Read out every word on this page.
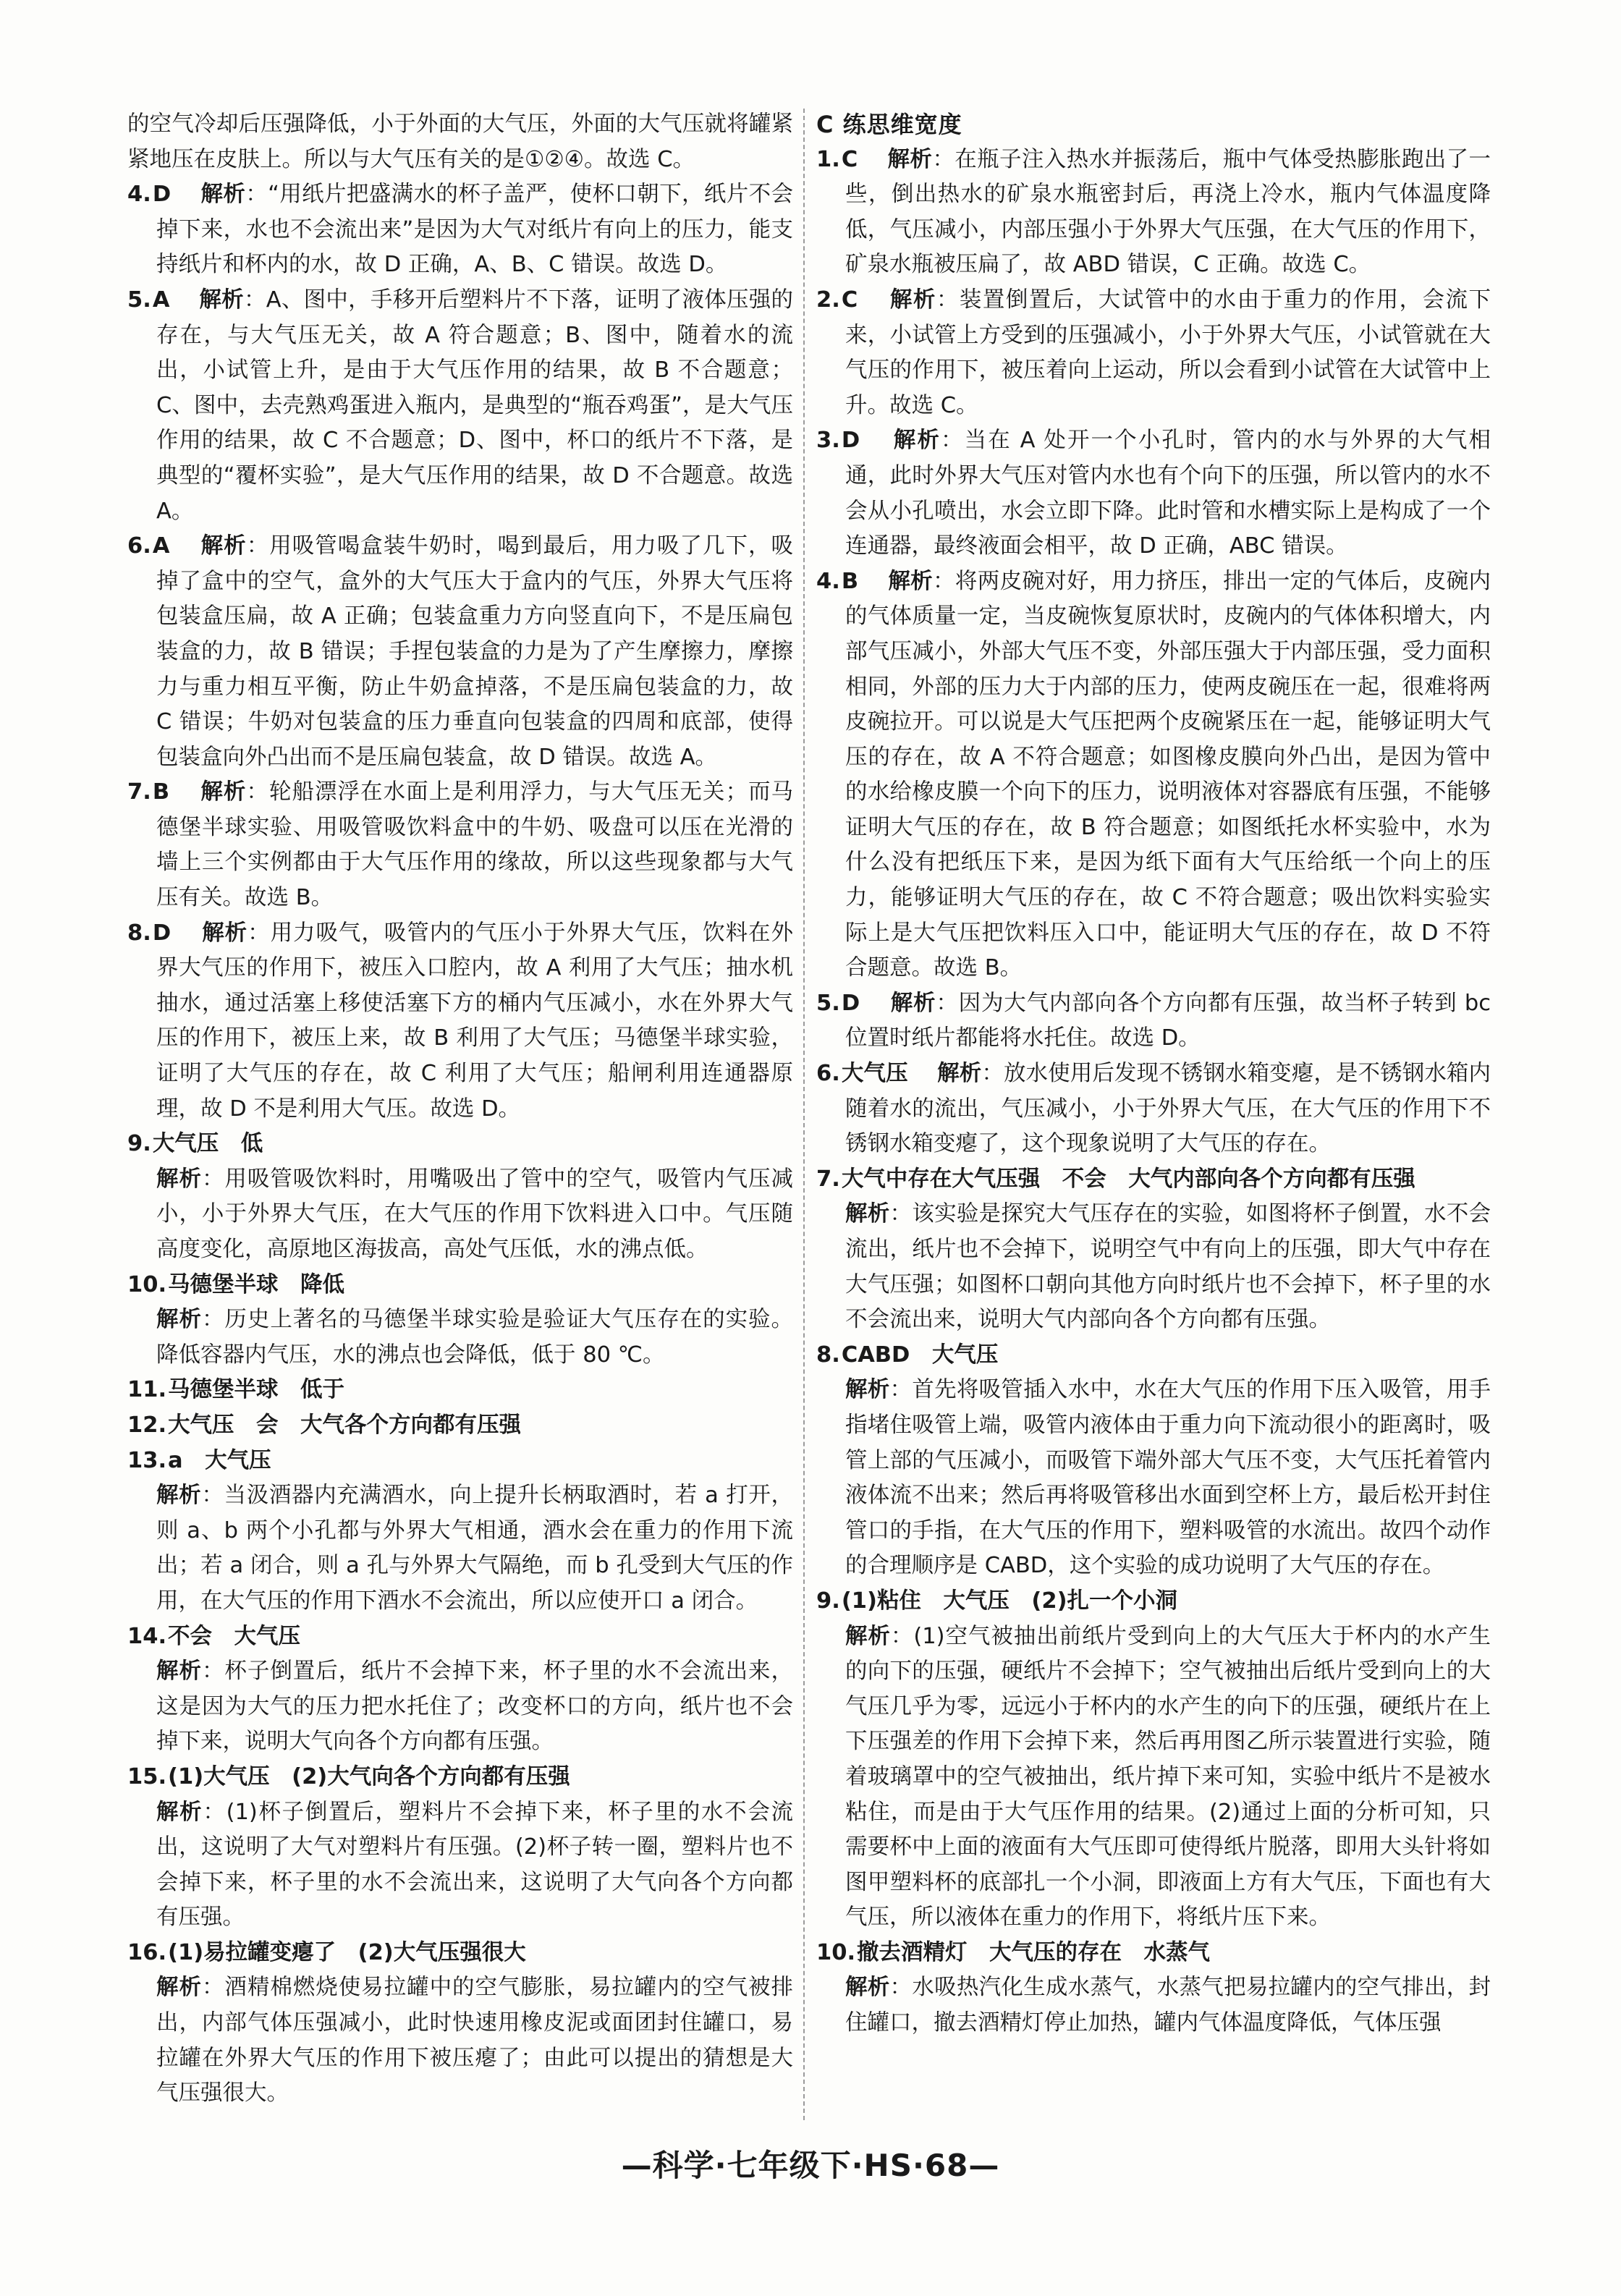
的空气冷却后压强降低，小于外面的大气压，外面的大气压就将罐紧紧地压在皮肤上。所以与大气压有关的是①②④。故选 C。

4.D　 解析：“用纸片把盛满水的杯子盖严，使杯口朝下，纸片不会掉下来，水也不会流出来”是因为大气对纸片有向上的压力，能支持纸片和杯内的水，故 D 正确，A、B、C 错误。故选 D。

5.A　 解析：A、图中，手移开后塑料片不下落，证明了液体压强的存在，与大气压无关，故 A 符合题意；B、图中，随着水的流出，小试管上升，是由于大气压作用的结果，故 B 不合题意；C、图中，去壳熟鸡蛋进入瓶内，是典型的“瓶吞鸡蛋”，是大气压作用的结果，故 C 不合题意；D、图中，杯口的纸片不下落，是典型的“覆杯实验”，是大气压作用的结果，故 D 不合题意。故选 A。

6.A　 解析：用吸管喝盒装牛奶时，喝到最后，用力吸了几下，吸掉了盒中的空气，盒外的大气压大于盒内的气压，外界大气压将包装盒压扁，故 A 正确；包装盒重力方向竖直向下，不是压扁包装盒的力，故 B 错误；手捏包装盒的力是为了产生摩擦力，摩擦力与重力相互平衡，防止牛奶盒掉落，不是压扁包装盒的力，故 C 错误；牛奶对包装盒的压力垂直向包装盒的四周和底部，使得包装盒向外凸出而不是压扁包装盒，故 D 错误。故选 A。

7.B　 解析：轮船漂浮在水面上是利用浮力，与大气压无关；而马德堡半球实验、用吸管吸饮料盒中的牛奶、吸盘可以压在光滑的墙上三个实例都由于大气压作用的缘故，所以这些现象都与大气压有关。故选 B。

8.D　 解析：用力吸气，吸管内的气压小于外界大气压，饮料在外界大气压的作用下，被压入口腔内，故 A 利用了大气压；抽水机抽水，通过活塞上移使活塞下方的桶内气压减小，水在外界大气压的作用下，被压上来，故 B 利用了大气压；马德堡半球实验，证明了大气压的存在，故 C 利用了大气压；船闸利用连通器原理，故 D 不是利用大气压。故选 D。

9.大气压　低

解析：用吸管吸饮料时，用嘴吸出了管中的空气，吸管内气压减小，小于外界大气压，在大气压的作用下饮料进入口中。气压随高度变化，高原地区海拔高，高处气压低，水的沸点低。

10.马德堡半球　降低

解析：历史上著名的马德堡半球实验是验证大气压存在的实验。降低容器内气压，水的沸点也会降低，低于 80 ℃。

11.马德堡半球　低于

12.大气压　会　大气各个方向都有压强

13.a　大气压

解析：当汲酒器内充满酒水，向上提升长柄取酒时，若 a 打开，则 a、b 两个小孔都与外界大气相通，酒水会在重力的作用下流出；若 a 闭合，则 a 孔与外界大气隔绝，而 b 孔受到大气压的作用，在大气压的作用下酒水不会流出，所以应使开口 a 闭合。

14.不会　大气压

解析：杯子倒置后，纸片不会掉下来，杯子里的水不会流出来，这是因为大气的压力把水托住了；改变杯口的方向，纸片也不会掉下来，说明大气向各个方向都有压强。

15.(1)大气压　(2)大气向各个方向都有压强

解析：(1)杯子倒置后，塑料片不会掉下来，杯子里的水不会流出，这说明了大气对塑料片有压强。(2)杯子转一圈，塑料片也不会掉下来，杯子里的水不会流出来，这说明了大气向各个方向都有压强。

16.(1)易拉罐变瘪了　(2)大气压强很大

解析：酒精棉燃烧使易拉罐中的空气膨胀，易拉罐内的空气被排出，内部气体压强减小，此时快速用橡皮泥或面团封住罐口，易拉罐在外界大气压的作用下被压瘪了；由此可以提出的猜想是大气压强很大。

C 练思维宽度

1.C　 解析：在瓶子注入热水并振荡后，瓶中气体受热膨胀跑出了一些，倒出热水的矿泉水瓶密封后，再浇上冷水，瓶内气体温度降低，气压减小，内部压强小于外界大气压强，在大气压的作用下，矿泉水瓶被压扁了，故 ABD 错误，C 正确。故选 C。

2.C　 解析：装置倒置后，大试管中的水由于重力的作用，会流下来，小试管上方受到的压强减小，小于外界大气压，小试管就在大气压的作用下，被压着向上运动，所以会看到小试管在大试管中上升。故选 C。

3.D　 解析：当在 A 处开一个小孔时，管内的水与外界的大气相通，此时外界大气压对管内水也有个向下的压强，所以管内的水不会从小孔喷出，水会立即下降。此时管和水槽实际上是构成了一个连通器，最终液面会相平，故 D 正确，ABC 错误。

4.B　 解析：将两皮碗对好，用力挤压，排出一定的气体后，皮碗内的气体质量一定，当皮碗恢复原状时，皮碗内的气体体积增大，内部气压减小，外部大气压不变，外部压强大于内部压强，受力面积相同，外部的压力大于内部的压力，使两皮碗压在一起，很难将两皮碗拉开。可以说是大气压把两个皮碗紧压在一起，能够证明大气压的存在，故 A 不符合题意；如图橡皮膜向外凸出，是因为管中的水给橡皮膜一个向下的压力，说明液体对容器底有压强，不能够证明大气压的存在，故 B 符合题意；如图纸托水杯实验中，水为什么没有把纸压下来，是因为纸下面有大气压给纸一个向上的压力，能够证明大气压的存在，故 C 不符合题意；吸出饮料实验实际上是大气压把饮料压入口中，能证明大气压的存在，故 D 不符合题意。故选 B。

5.D　 解析：因为大气内部向各个方向都有压强，故当杯子转到 bc 位置时纸片都能将水托住。故选 D。

6.大气压　 解析：放水使用后发现不锈钢水箱变瘪，是不锈钢水箱内随着水的流出，气压减小，小于外界大气压，在大气压的作用下不锈钢水箱变瘪了，这个现象说明了大气压的存在。

7.大气中存在大气压强　不会　大气内部向各个方向都有压强

解析：该实验是探究大气压存在的实验，如图将杯子倒置，水不会流出，纸片也不会掉下，说明空气中有向上的压强，即大气中存在大气压强；如图杯口朝向其他方向时纸片也不会掉下，杯子里的水不会流出来，说明大气内部向各个方向都有压强。

8.CABD　大气压

解析：首先将吸管插入水中，水在大气压的作用下压入吸管，用手指堵住吸管上端，吸管内液体由于重力向下流动很小的距离时，吸管上部的气压减小，而吸管下端外部大气压不变，大气压托着管内液体流不出来；然后再将吸管移出水面到空杯上方，最后松开封住管口的手指，在大气压的作用下，塑料吸管的水流出。故四个动作的合理顺序是 CABD，这个实验的成功说明了大气压的存在。

9.(1)粘住　大气压　(2)扎一个小洞

解析：(1)空气被抽出前纸片受到向上的大气压大于杯内的水产生的向下的压强，硬纸片不会掉下；空气被抽出后纸片受到向上的大气压几乎为零，远远小于杯内的水产生的向下的压强，硬纸片在上下压强差的作用下会掉下来，然后再用图乙所示装置进行实验，随着玻璃罩中的空气被抽出，纸片掉下来可知，实验中纸片不是被水粘住，而是由于大气压作用的结果。(2)通过上面的分析可知，只需要杯中上面的液面有大气压即可使得纸片脱落，即用大头针将如图甲塑料杯的底部扎一个小洞，即液面上方有大气压，下面也有大气压，所以液体在重力的作用下，将纸片压下来。

10.撤去酒精灯　大气压的存在　水蒸气

解析：水吸热汽化生成水蒸气，水蒸气把易拉罐内的空气排出，封住罐口，撤去酒精灯停止加热，罐内气体温度降低，气体压强

—科学·七年级下·HS·68—
